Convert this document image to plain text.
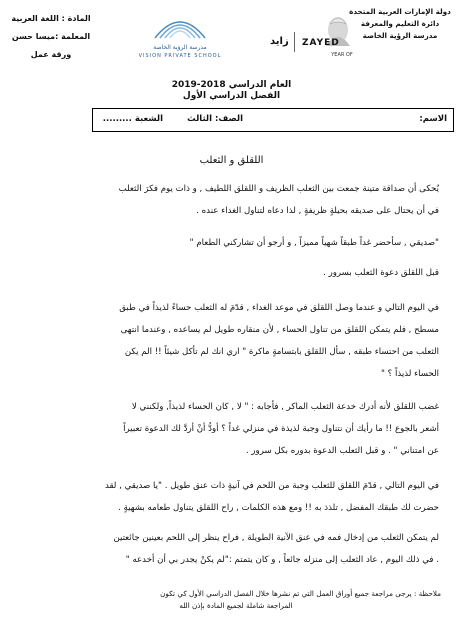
دولة الإمارات العربية المتحدة
دائرة التعليم والمعرفة
مدرسة الرؤية الخاصة
YEAR OF
ZAYED
زايد
مدرسة الرؤية الخاصة
VISION PRIVATE SCHOOL
المادة : اللغة العربية
المعلمة :ميسا حسن
ورقة عمل
العام الدراسي 2018-2019
الفصل الدراسي الأول
الاسم:
الصف: الثالث
الشعبة .........
اللقلق و الثعلب
يُحكى أن صداقة متينة جمعت بين الثعلب الظريف و اللقلق اللطيف , و ذات يوم فكرَ الثعلب
في أن يحتال على صديقه بحيلةٍ ظريفةٍ , لذا دعاه لتناول الغداء عنده .
"صديقي , سأحضر غداً طبقاً شهياً مميزاً , و أرجو أن تشاركني الطعام "
قبل اللقلق دعوة الثعلب بسرور .
في اليوم التالي و عندما وصل اللقلق في موعد الغداء , قدّمَ له الثعلب حساءً لذيذاً في طبق
مسطح , فلم يتمكن اللقلق من تناول الحساء , لأن منقاره طويل لم يساعده , وعندما انتهى
الثعلب من احتساء طبقه , سأل اللقلق بابتسامةٍ ماكرة " اري انك لم تأكل شيئاً !! الم يكن
الحساء لذيذاً ؟ "
غضب اللقلق لأنه أدرك خدعة الثعلب الماكر , فأجابه : " لا , كان الحساء لذيذاً, ولكنني لا
أشعر بالجوع !! ما رأيك أن نتناول وجبة لذيذة في منزلي غداً ؟ أودُّ أنْ أردَّ لك الدعوة تعبيراً
عن امتناني " . و قبل الثعلب الدعوة بدوره بكل سرور .
في اليوم التالي , قدّمَ اللقلق للثعلب وجبة من اللحم في آنيةٍ ذات عنق طويل . "يا صديقي , لقد
حضرت لك طبقك المفضل , تلذذ به !! ومع هذه الكلمات , راح اللقلق يتناول طعامه بشهيةٍ .
لم يتمكن الثعلب من إدخال فمه في عنق الآنية الطويلة , فراح ينظر إلى اللحم بعينين جائعتين
. في ذلك اليوم , عاد الثعلب إلى منزله جائعاً , و كان يتمتم :"لم يكنْ يجدر بي أن أخدعه "
ملاحظة : يرجى مراجعة جميع أوراق العمل التي تم نشرها خلال الفصل الدراسي الأول كي تكون
المراجعة شاملة لجميع المادة بإذن الله
